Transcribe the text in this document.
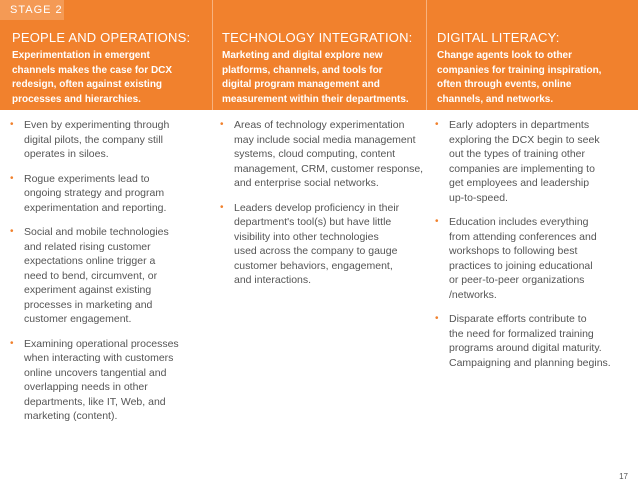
STAGE 2
PEOPLE AND OPERATIONS:
Experimentation in emergent
channels makes the case for DCX
redesign, often against existing
processes and hierarchies.
TECHNOLOGY INTEGRATION:
Marketing and digital explore new
platforms, channels, and tools for
digital program management and
measurement within their departments.
DIGITAL LITERACY:
Change agents look to other
companies for training inspiration,
often through events, online
channels, and networks.
• Even by experimenting through
digital pilots, the company still
operates in siloes.
• Rogue experiments lead to
ongoing strategy and program
experimentation and reporting.
• Social and mobile technologies
and related rising customer
expectations online trigger a
need to bend, circumvent, or
experiment against existing
processes in marketing and
customer engagement.
• Examining operational processes
when interacting with customers
online uncovers tangential and
overlapping needs in other
departments, like IT, Web, and
marketing (content).
• Areas of technology experimentation
may include social media management
systems, cloud computing, content
management, CRM, customer response,
and enterprise social networks.
• Leaders develop proficiency in their
department's tool(s) but have little
visibility into other technologies
used across the company to gauge
customer behaviors, engagement,
and interactions.
• Early adopters in departments
exploring the DCX begin to seek
out the types of training other
companies are implementing to
get employees and leadership
up-to-speed.
• Education includes everything
from attending conferences and
workshops to following best
practices to joining educational
or peer-to-peer organizations
/networks.
• Disparate efforts contribute to
the need for formalized training
programs around digital maturity.
Campaigning and planning begins.
17
